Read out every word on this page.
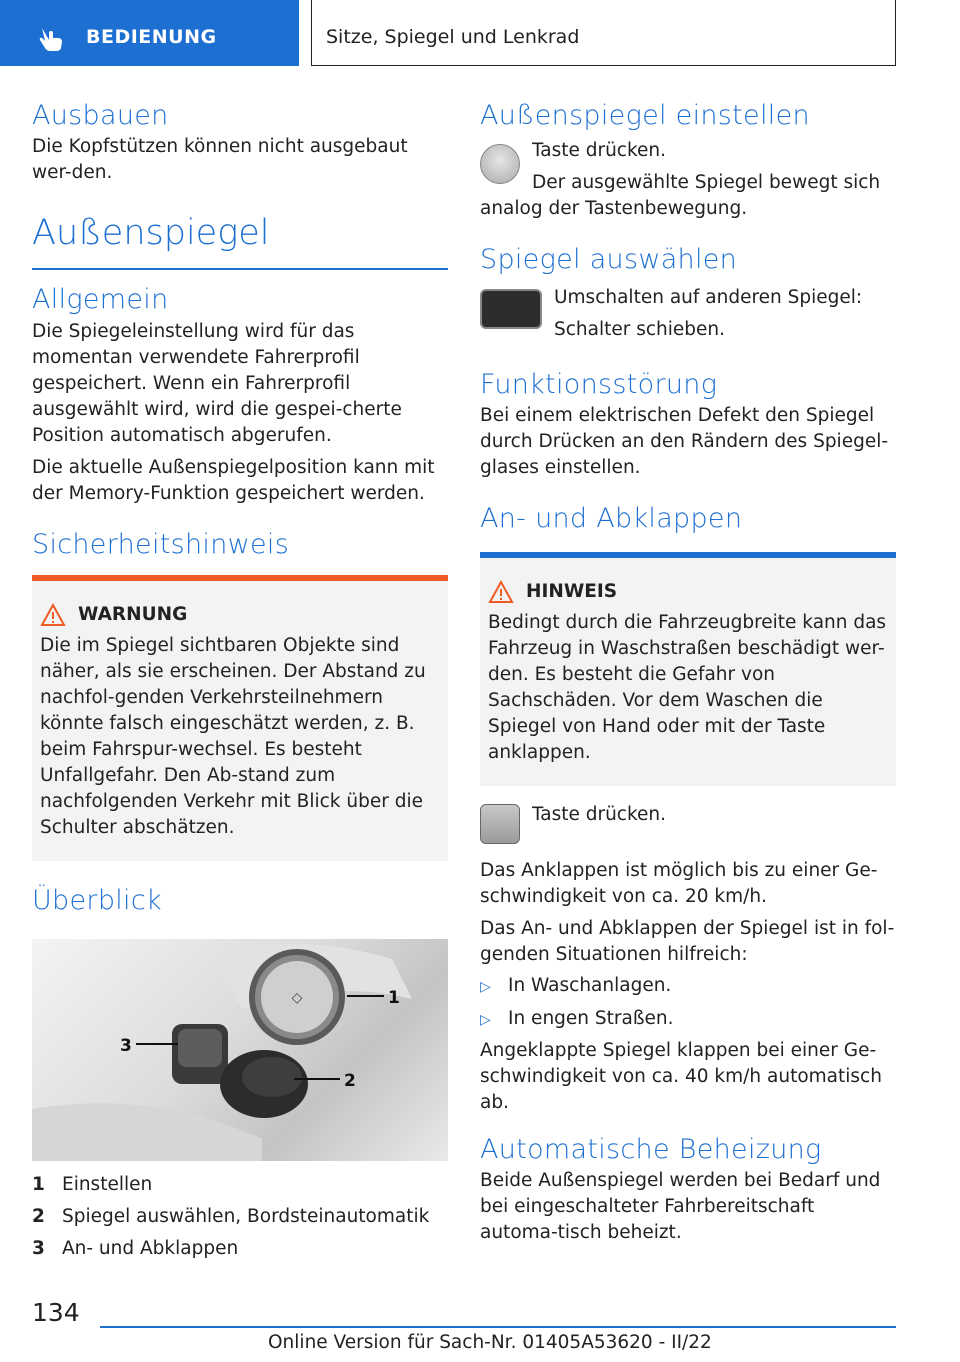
BEDIENUNG	Sitze, Spiegel und Lenkrad
Ausbauen
Die Kopfstützen können nicht ausgebaut wer-den.
Außenspiegel
Allgemein
Die Spiegeleinstellung wird für das momentan verwendete Fahrerprofil gespeichert. Wenn ein Fahrerprofil ausgewählt wird, wird die gespei-cherte Position automatisch abgerufen.
Die aktuelle Außenspiegelposition kann mit der Memory-Funktion gespeichert werden.
Sicherheitshinweis
WARNUNG
Die im Spiegel sichtbaren Objekte sind näher, als sie erscheinen. Der Abstand zu nachfol-genden Verkehrsteilnehmern könnte falsch eingeschätzt werden, z. B. beim Fahrspur-wechsel. Es besteht Unfallgefahr. Den Ab-stand zum nachfolgenden Verkehr mit Blick über die Schulter abschätzen.
Überblick
◇	1
2
3
1 Einstellen
2 Spiegel auswählen, Bordsteinautomatik
3 An- und Abklappen
Außenspiegel einstellen
Taste drücken.
Der ausgewählte Spiegel bewegt sich analog der Tastenbewegung.
Spiegel auswählen
Umschalten auf anderen Spiegel:
Schalter schieben.
Funktionsstörung
Bei einem elektrischen Defekt den Spiegel durch Drücken an den Rändern des Spiegel-glases einstellen.
An- und Abklappen
HINWEIS
Bedingt durch die Fahrzeugbreite kann das Fahrzeug in Waschstraßen beschädigt wer-den. Es besteht die Gefahr von Sachschäden. Vor dem Waschen die Spiegel von Hand oder mit der Taste anklappen.
Taste drücken.
Das Anklappen ist möglich bis zu einer Ge-schwindigkeit von ca. 20 km/h.
Das An- und Abklappen der Spiegel ist in fol-genden Situationen hilfreich:
▷ In Waschanlagen.
▷ In engen Straßen.
Angeklappte Spiegel klappen bei einer Ge-schwindigkeit von ca. 40 km/h automatisch ab.
Automatische Beheizung
Beide Außenspiegel werden bei Bedarf und bei eingeschalteter Fahrbereitschaft automa-tisch beheizt.
134
Online Version für Sach-Nr. 01405A53620 - II/22
